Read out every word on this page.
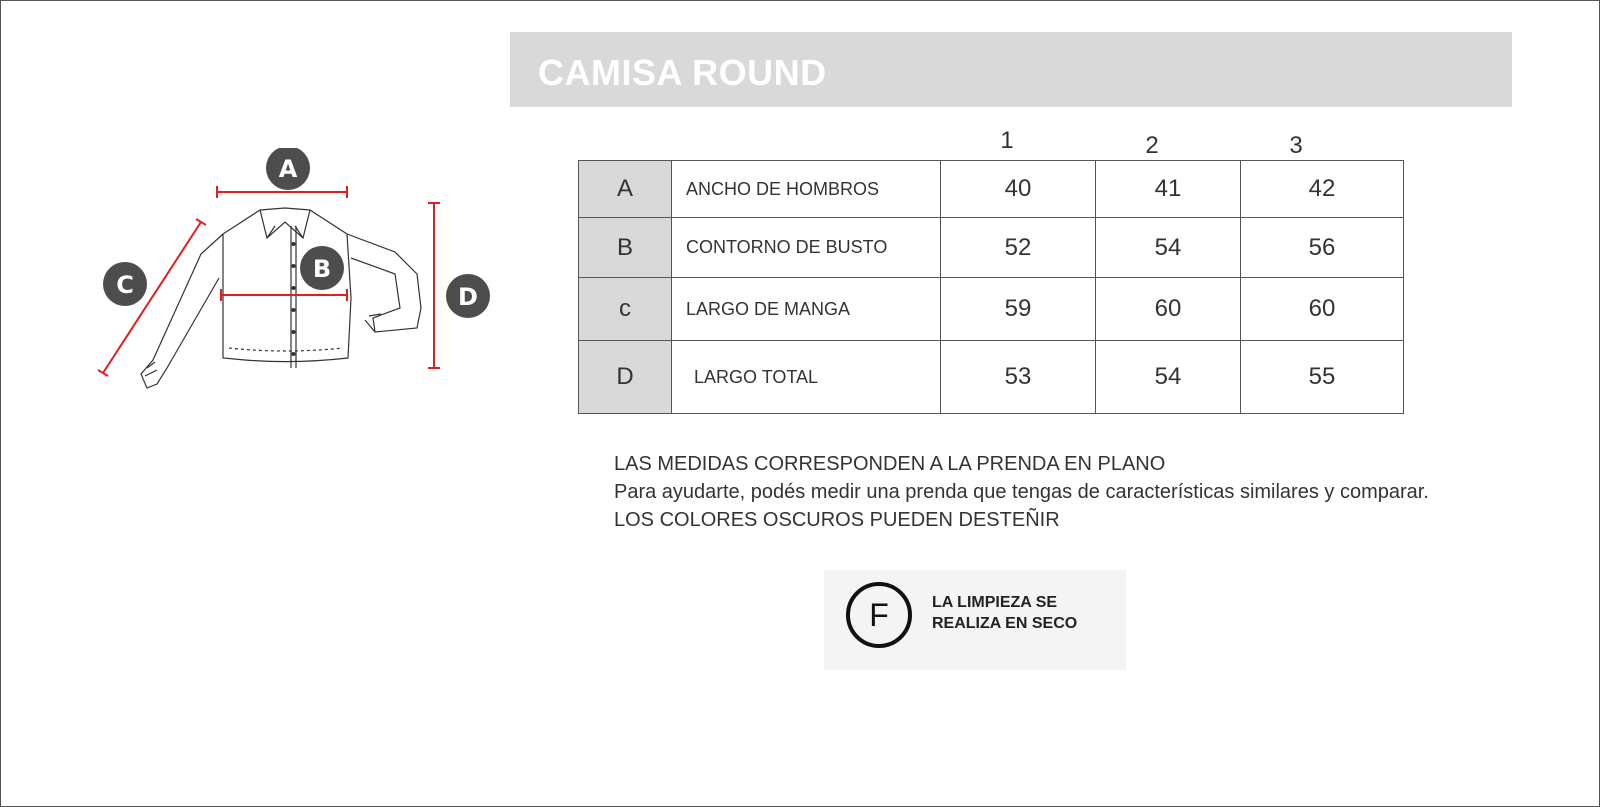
CAMISA ROUND
A
B
C	D
1	2	3
A	ANCHO DE HOMBROS	40	41	42
B	CONTORNO DE BUSTO	52	54	56
c	LARGO DE MANGA	59	60	60
D	LARGO TOTAL	53	54	55
LAS MEDIDAS CORRESPONDEN A LA PRENDA EN PLANO
Para ayudarte, podés medir una prenda que tengas de características similares y comparar.
LOS COLORES OSCUROS PUEDEN DESTEÑIR
F	LA LIMPIEZA SE
REALIZA EN SECO
